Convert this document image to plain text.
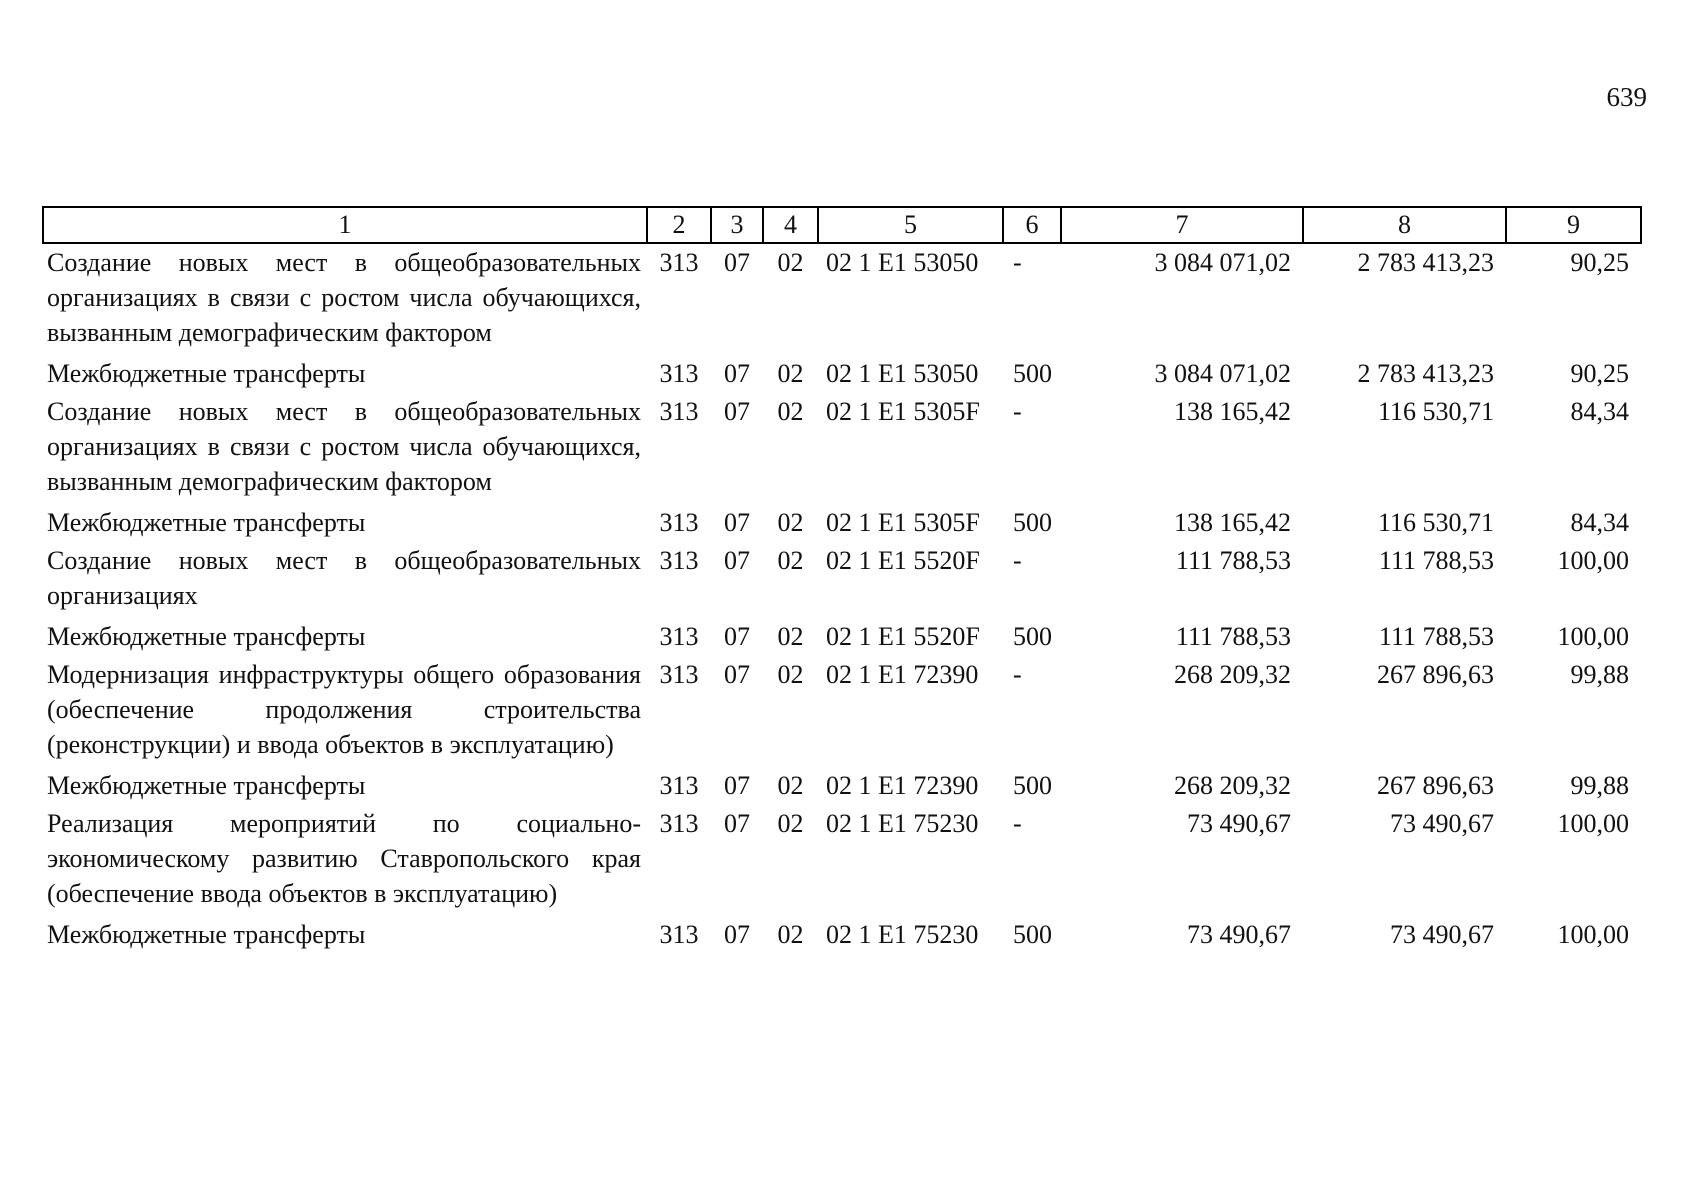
639
1	2	3	4	5	6	7	8	9
Создание новых мест в общеобразовательных организациях в связи с ростом числа обучающихся, вызванным демографическим фактором	313	07	02	02 1 Е1 53050	-	3 084 071,02	2 783 413,23	90,25
Межбюджетные трансферты	313	07	02	02 1 Е1 53050	500	3 084 071,02	2 783 413,23	90,25
Создание новых мест в общеобразовательных организациях в связи с ростом числа обучающихся, вызванным демографическим фактором	313	07	02	02 1 Е1 5305F	-	138 165,42	116 530,71	84,34
Межбюджетные трансферты	313	07	02	02 1 Е1 5305F	500	138 165,42	116 530,71	84,34
Создание новых мест в общеобразовательных организациях	313	07	02	02 1 Е1 5520F	-	111 788,53	111 788,53	100,00
Межбюджетные трансферты	313	07	02	02 1 Е1 5520F	500	111 788,53	111 788,53	100,00
Модернизация инфраструктуры общего образования (обеспечение продолжения строительства (реконструкции) и ввода объектов в эксплуатацию)	313	07	02	02 1 Е1 72390	-	268 209,32	267 896,63	99,88
Межбюджетные трансферты	313	07	02	02 1 Е1 72390	500	268 209,32	267 896,63	99,88
Реализация мероприятий по социально-экономическому развитию Ставропольского края (обеспечение ввода объектов в эксплуатацию)	313	07	02	02 1 Е1 75230	-	73 490,67	73 490,67	100,00
Межбюджетные трансферты	313	07	02	02 1 Е1 75230	500	73 490,67	73 490,67	100,00
